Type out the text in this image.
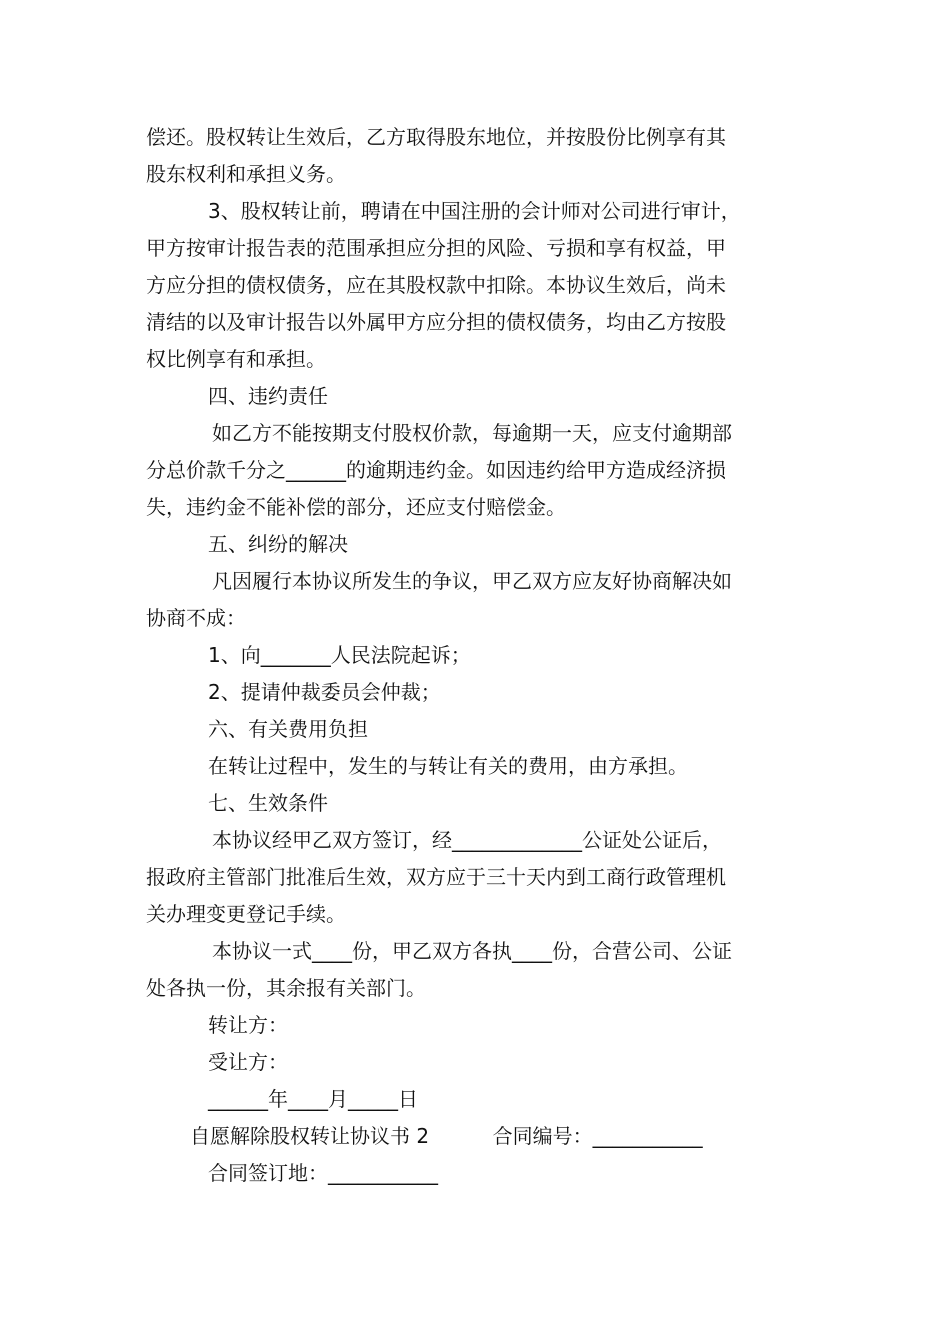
偿还。股权转让生效后，乙方取得股东地位，并按股份比例享有其
股东权利和承担义务。
3、股权转让前，聘请在中国注册的会计师对公司进行审计，
甲方按审计报告表的范围承担应分担的风险、亏损和享有权益，甲
方应分担的债权债务，应在其股权款中扣除。本协议生效后，尚未
清结的以及审计报告以外属甲方应分担的债权债务，均由乙方按股
权比例享有和承担。
四、违约责任
如乙方不能按期支付股权价款，每逾期一天，应支付逾期部
分总价款千分之______的逾期违约金。如因违约给甲方造成经济损
失，违约金不能补偿的部分，还应支付赔偿金。
五、纠纷的解决
凡因履行本协议所发生的争议，甲乙双方应友好协商解决如
协商不成：
1、向_______人民法院起诉；
2、提请仲裁委员会仲裁；
六、有关费用负担
在转让过程中，发生的与转让有关的费用，由方承担。
七、生效条件
本协议经甲乙双方签订，经_____________公证处公证后，
报政府主管部门批准后生效，双方应于三十天内到工商行政管理机
关办理变更登记手续。
本协议一式____份，甲乙双方各执____份，合营公司、公证
处各执一份，其余报有关部门。
转让方：
受让方：
______年____月_____日
自愿解除股权转让协议书 2          合同编号：___________
合同签订地：___________
